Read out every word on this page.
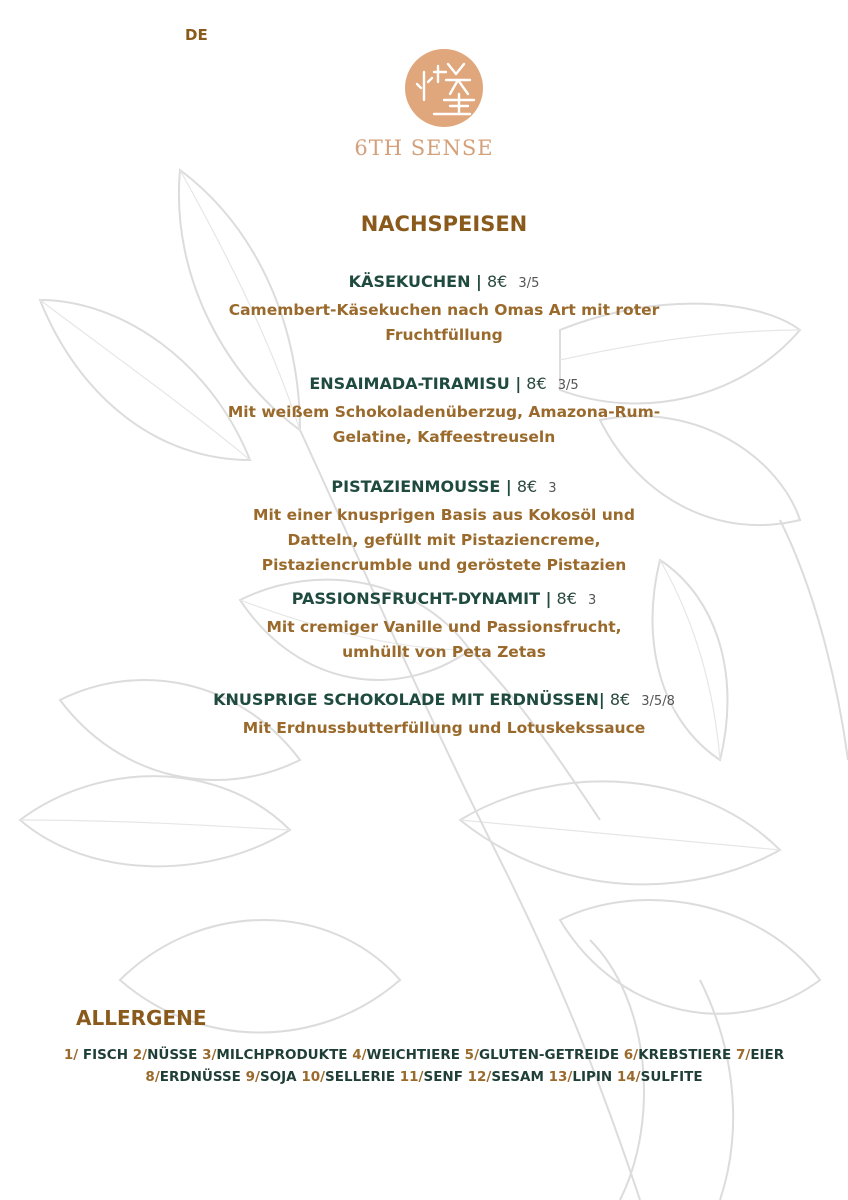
DE
6TH SENSE
NACHSPEISEN
KÄSEKUCHEN | 8€ 3/5
Camembert-Käsekuchen nach Omas Art mit roter
Fruchtfüllung
ENSAIMADA-TIRAMISU | 8€ 3/5
Mit weißem Schokoladenüberzug, Amazona-Rum-
Gelatine, Kaffeestreuseln
PISTAZIENMOUSSE | 8€ 3
Mit einer knusprigen Basis aus Kokosöl und
Datteln, gefüllt mit Pistaziencreme,
Pistaziencrumble und geröstete Pistazien
PASSIONSFRUCHT-DYNAMIT | 8€ 3
Mit cremiger Vanille und Passionsfrucht,
umhüllt von Peta Zetas
KNUSPRIGE SCHOKOLADE MIT ERDNÜSSEN| 8€ 3/5/8
Mit Erdnussbutterfüllung und Lotuskekssauce
ALLERGENE
1/ FISCH 2/NÜSSE 3/MILCHPRODUKTE 4/WEICHTIERE 5/GLUTEN-GETREIDE 6/KREBSTIERE 7/EIER
8/ERDNÜSSE 9/SOJA 10/SELLERIE 11/SENF 12/SESAM 13/LIPIN 14/SULFITE
